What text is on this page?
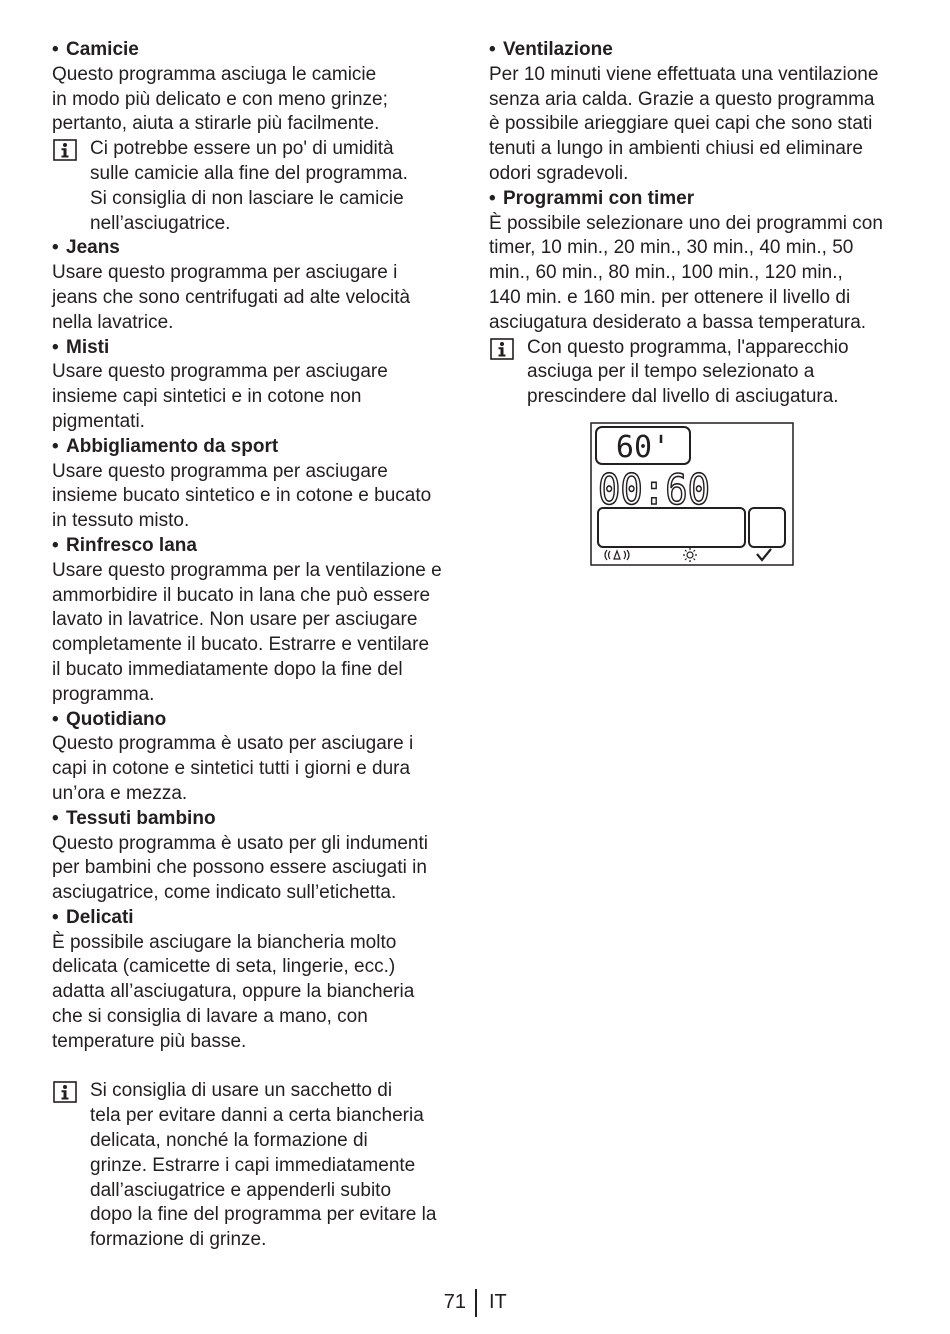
• Camicie

Questo programma asciuga le camicie
in modo più delicato e con meno grinze;
pertanto, aiuta a stirarle più facilmente.

Ci potrebbe essere un po' di umidità
sulle camicie alla fine del programma.
Si consiglia di non lasciare le camicie
nell’asciugatrice.

• Jeans

Usare questo programma per asciugare i
jeans che sono centrifugati ad alte velocità
nella lavatrice.

• Misti

Usare questo programma per asciugare
insieme capi sintetici e in cotone non
pigmentati.

• Abbigliamento da sport

Usare questo programma per asciugare
insieme bucato sintetico e in cotone e bucato
in tessuto misto.

• Rinfresco lana

Usare questo programma per la ventilazione e
ammorbidire il bucato in lana che può essere
lavato in lavatrice. Non usare per asciugare
completamente il bucato. Estrarre e ventilare
il bucato immediatamente dopo la fine del
programma.

• Quotidiano

Questo programma è usato per asciugare i
capi in cotone e sintetici tutti i giorni e dura
un’ora e mezza.

• Tessuti bambino

Questo programma è usato per gli indumenti
per bambini che possono essere asciugati in
asciugatrice, come indicato sull’etichetta.

• Delicati

È possibile asciugare la biancheria molto
delicata (camicette di seta, lingerie, ecc.)
adatta all’asciugatura, oppure la biancheria
che si consiglia di lavare a mano, con
temperature più basse.

Si consiglia di usare un sacchetto di
tela per evitare danni a certa biancheria
delicata, nonché la formazione di
grinze. Estrarre i capi immediatamente
dall’asciugatrice e appenderli subito
dopo la fine del programma per evitare la
formazione di grinze.

• Ventilazione

Per 10 minuti viene effettuata una ventilazione
senza aria calda. Grazie a questo programma
è possibile arieggiare quei capi che sono stati
tenuti a lungo in ambienti chiusi ed eliminare
odori sgradevoli.

• Programmi con timer

È possibile selezionare uno dei programmi con
timer, 10 min., 20 min., 30 min., 40 min., 50
min., 60 min., 80 min., 100 min., 120 min.,
140 min. e 160 min. per ottenere il livello di
asciugatura desiderato a bassa temperatura.

Con questo programma, l'apparecchio
asciuga per il tempo selezionato a
prescindere dal livello di asciugatura.
60'
00:60
71 IT
